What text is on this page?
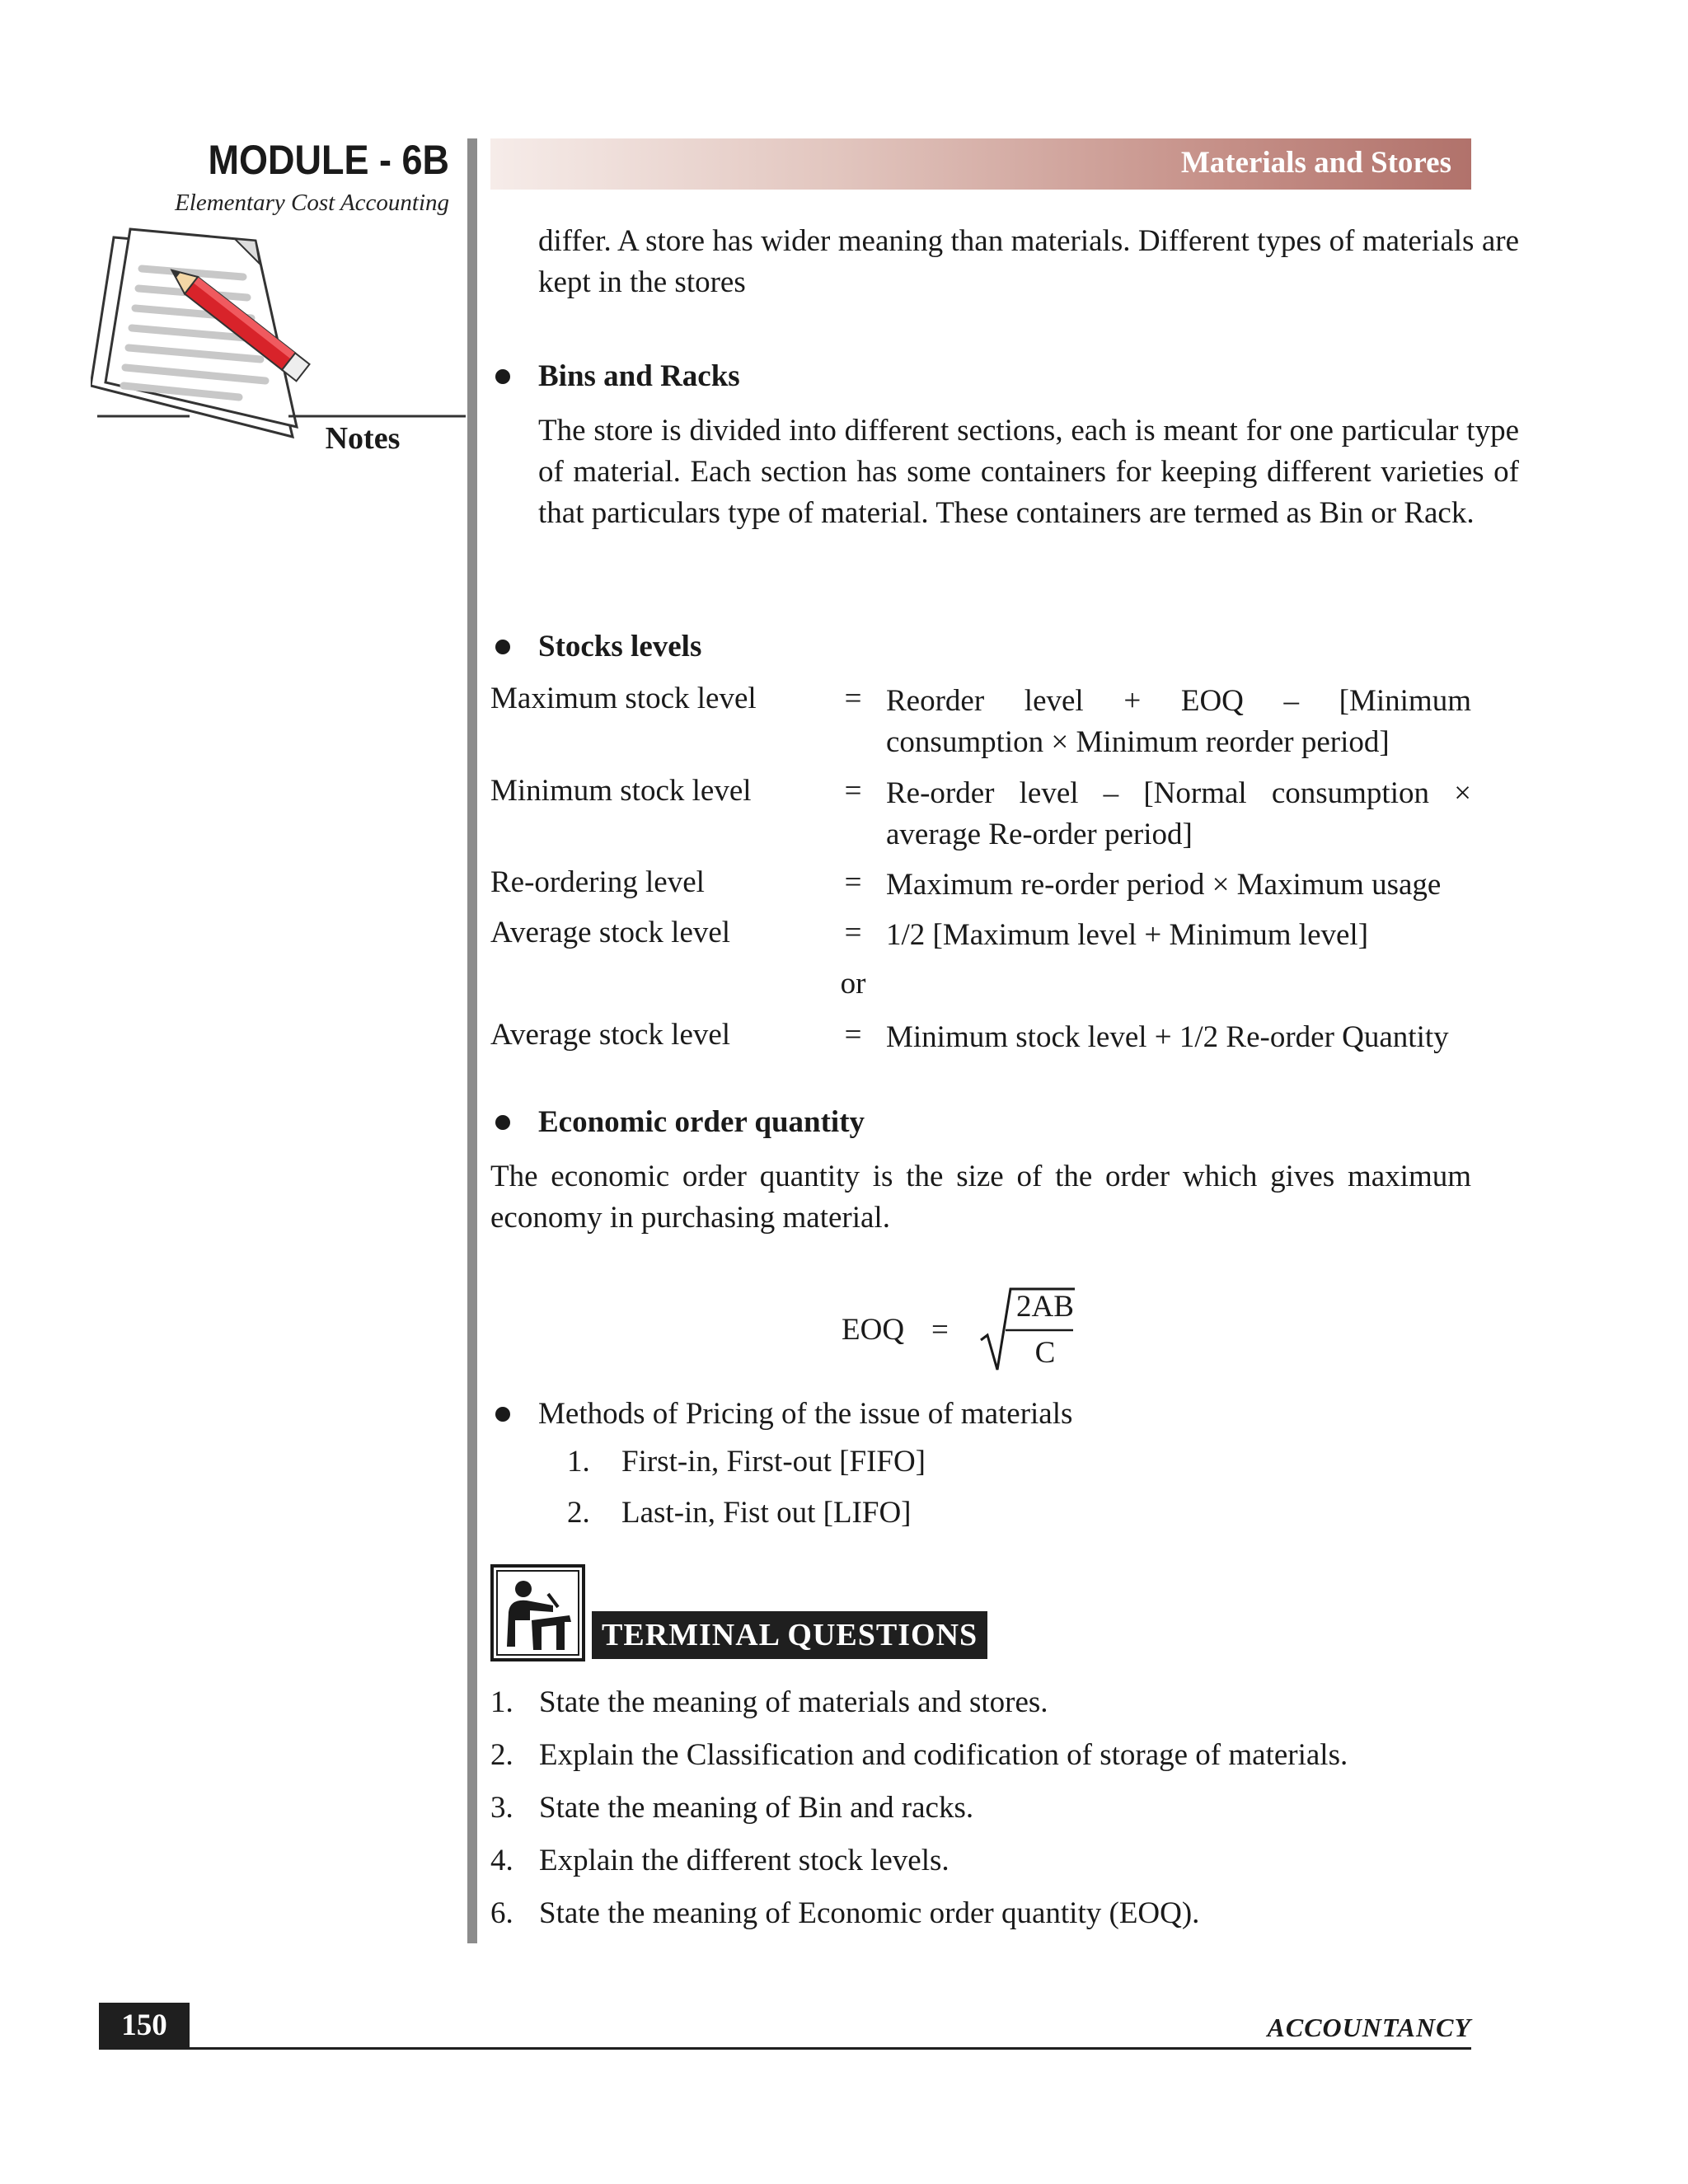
MODULE - 6B
Elementary Cost Accounting
Notes
Materials and Stores
differ. A store has wider meaning than materials. Different types of materials are kept in the stores
Bins and Racks
The store is divided into different sections, each is meant for one particular type of material. Each section has some containers for keeping different varieties of that particulars type of material. These containers are termed as Bin or Rack.
Stocks levels
Maximum stock level	= Reorder level + EOQ – [Minimum consumption × Minimum reorder period]
Minimum stock level	= Re-order level – [Normal consumption × average Re-order period]
Re-ordering level	= Maximum re-order period × Maximum usage
Average stock level	= 1/2 [Maximum level + Minimum level]
or
Average stock level	= Minimum stock level + 1/2 Re-order Quantity
Economic order quantity
The economic order quantity is the size of the order which gives maximum economy in purchasing material.
EOQ =
2AB
C
Methods of Pricing of the issue of materials
1. First-in, First-out [FIFO]
2. Last-in, Fist out [LIFO]
TERMINAL QUESTIONS
1. State the meaning of materials and stores.
2. Explain the Classification and codification of storage of materials.
3. State the meaning of Bin and racks.
4. Explain the different stock levels.
6. State the meaning of Economic order quantity (EOQ).
150	ACCOUNTANCY
